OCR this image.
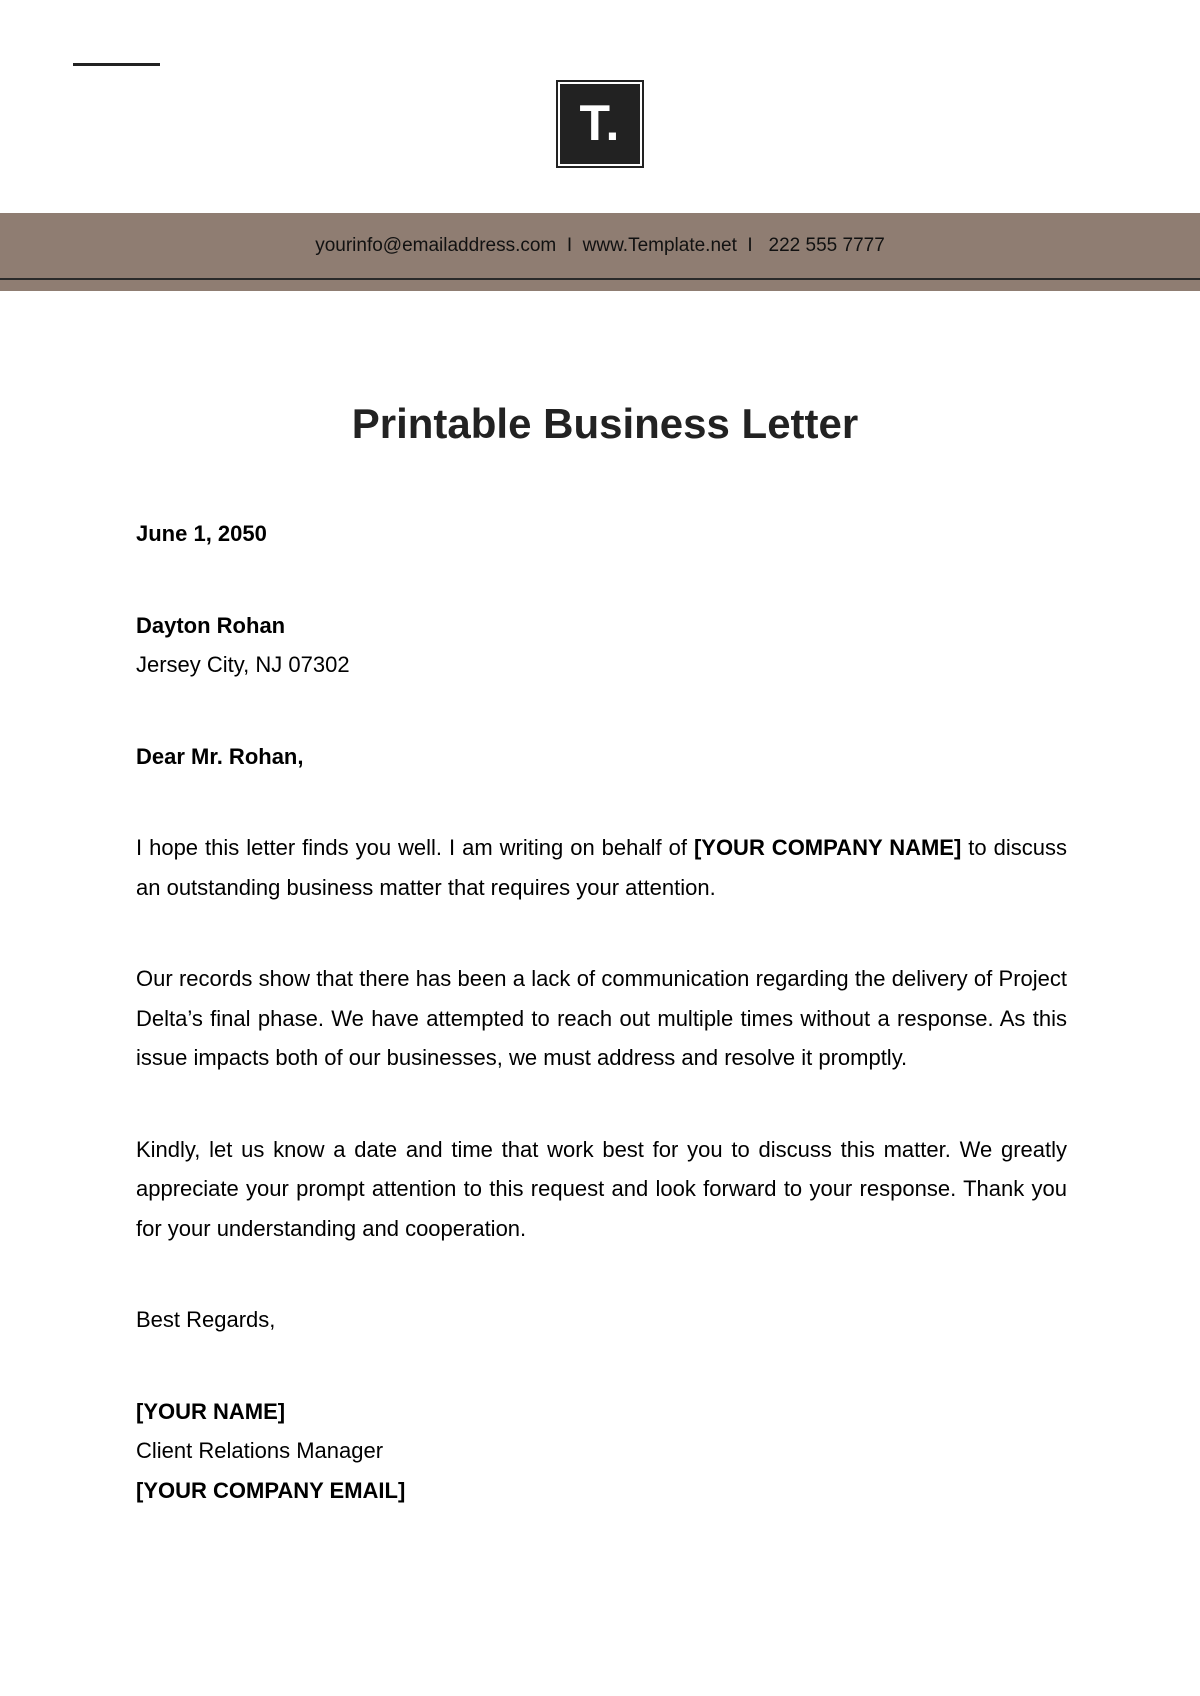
T.
yourinfo@emailaddress.com I www.Template.net I 222 555 7777
Printable Business Letter

June 1, 2050

Dayton Rohan
Jersey City, NJ 07302

Dear Mr. Rohan,

I hope this letter finds you well. I am writing on behalf of [YOUR COMPANY NAME] to discuss an outstanding business matter that requires your attention.

Our records show that there has been a lack of communication regarding the delivery of Project Delta’s final phase. We have attempted to reach out multiple times without a response. As this issue impacts both of our businesses, we must address and resolve it promptly.

Kindly, let us know a date and time that work best for you to discuss this matter. We greatly appreciate your prompt attention to this request and look forward to your response. Thank you for your understanding and cooperation.

Best Regards,

[YOUR NAME]
Client Relations Manager
[YOUR COMPANY EMAIL]
